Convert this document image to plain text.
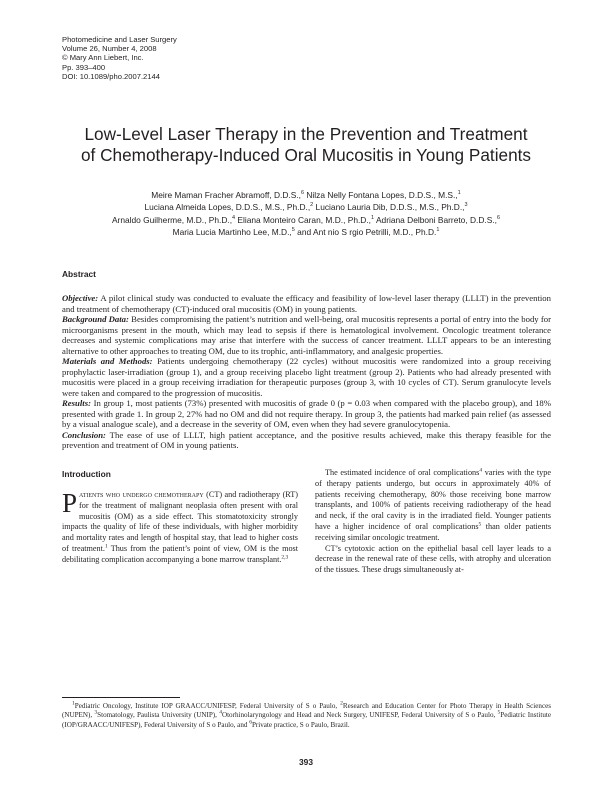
Photomedicine and Laser Surgery
Volume 26, Number 4, 2008
© Mary Ann Liebert, Inc.
Pp. 393–400
DOI: 10.1089/pho.2007.2144
Low-Level Laser Therapy in the Prevention and Treatment
of Chemotherapy-Induced Oral Mucositis in Young Patients
Meire Maman Fracher Abramoff, D.D.S.,$^6$ Nilza Nelly Fontana Lopes, D.D.S., M.S.,$^1$
Luciana Almeida Lopes, D.D.S., M.S., Ph.D.,$^2$ Luciano Lauria Dib, D.D.S., M.S., Ph.D.,$^3$
Arnaldo Guilherme, M.D., Ph.D.,$^4$ Eliana Monteiro Caran, M.D., Ph.D.,$^1$ Adriana Delboni Barreto, D.D.S.,$^6$
Maria Lucia Martinho Lee, M.D.,$^5$ and Ant nio S rgio Petrilli, M.D., Ph.D.$^1$
Abstract

Objective: A pilot clinical study was conducted to evaluate the efficacy and feasibility of low-level laser therapy (LLLT) in the prevention and treatment of chemotherapy (CT)-induced oral mucositis (OM) in young patients.

Background Data: Besides compromising the patient’s nutrition and well-being, oral mucositis represents a portal of entry into the body for microorganisms present in the mouth, which may lead to sepsis if there is hematological involvement. Oncologic treatment tolerance decreases and systemic complications may arise that interfere with the success of cancer treatment. LLLT appears to be an interesting alternative to other approaches to treating OM, due to its trophic, anti-inflammatory, and analgesic properties.

Materials and Methods: Patients undergoing chemotherapy (22 cycles) without mucositis were randomized into a group receiving prophylactic laser-irradiation (group 1), and a group receiving placebo light treatment (group 2). Patients who had already presented with mucositis were placed in a group receiving irradiation for therapeutic purposes (group 3, with 10 cycles of CT). Serum granulocyte levels were taken and compared to the progression of mucositis.

Results: In group 1, most patients (73%) presented with mucositis of grade 0 (p = 0.03 when compared with the placebo group), and 18% presented with grade 1. In group 2, 27% had no OM and did not require therapy. In group 3, the patients had marked pain relief (as assessed by a visual analogue scale), and a decrease in the severity of OM, even when they had severe granulocytopenia.

Conclusion: The ease of use of LLLT, high patient acceptance, and the positive results achieved, make this therapy feasible for the prevention and treatment of OM in young patients.

Introduction

Patients who undergo chemotherapy (CT) and radiotherapy (RT) for the treatment of malignant neoplasia often present with oral mucositis (OM) as a side effect. This stomatotoxicity strongly impacts the quality of life of these individuals, with higher morbidity and mortality rates and length of hospital stay, that lead to higher costs of treatment.$^1$ Thus from the patient’s point of view, OM is the most debilitating complication accompanying a bone marrow transplant.$^{2,3}$

The estimated incidence of oral complications$^4$ varies with the type of therapy patients undergo, but occurs in approximately 40% of patients receiving chemotherapy, 80% those receiving bone marrow transplants, and 100% of patients receiving radiotherapy of the head and neck, if the oral cavity is in the irradiated field. Younger patients have a higher incidence of oral complications$^5$ than older patients receiving similar oncologic treatment.

CT’s cytotoxic action on the epithelial basal cell layer leads to a decrease in the renewal rate of these cells, with atrophy and ulceration of the tissues. These drugs simultaneously at-

$^1$Pediatric Oncology, Institute IOP GRAACC/UNIFESP, Federal University of S o Paulo, $^2$Research and Education Center for Photo Therapy in Health Sciences (NUPEN), $^3$Stomatology, Paulista University (UNIP), $^4$Otorhinolaryngology and Head and Neck Surgery, UNIFESP, Federal University of S o Paulo, $^5$Pediatric Institute (IOP/GRAACC/UNIFESP), Federal University of S o Paulo, and $^6$Private practice, S o Paulo, Brazil.
393
